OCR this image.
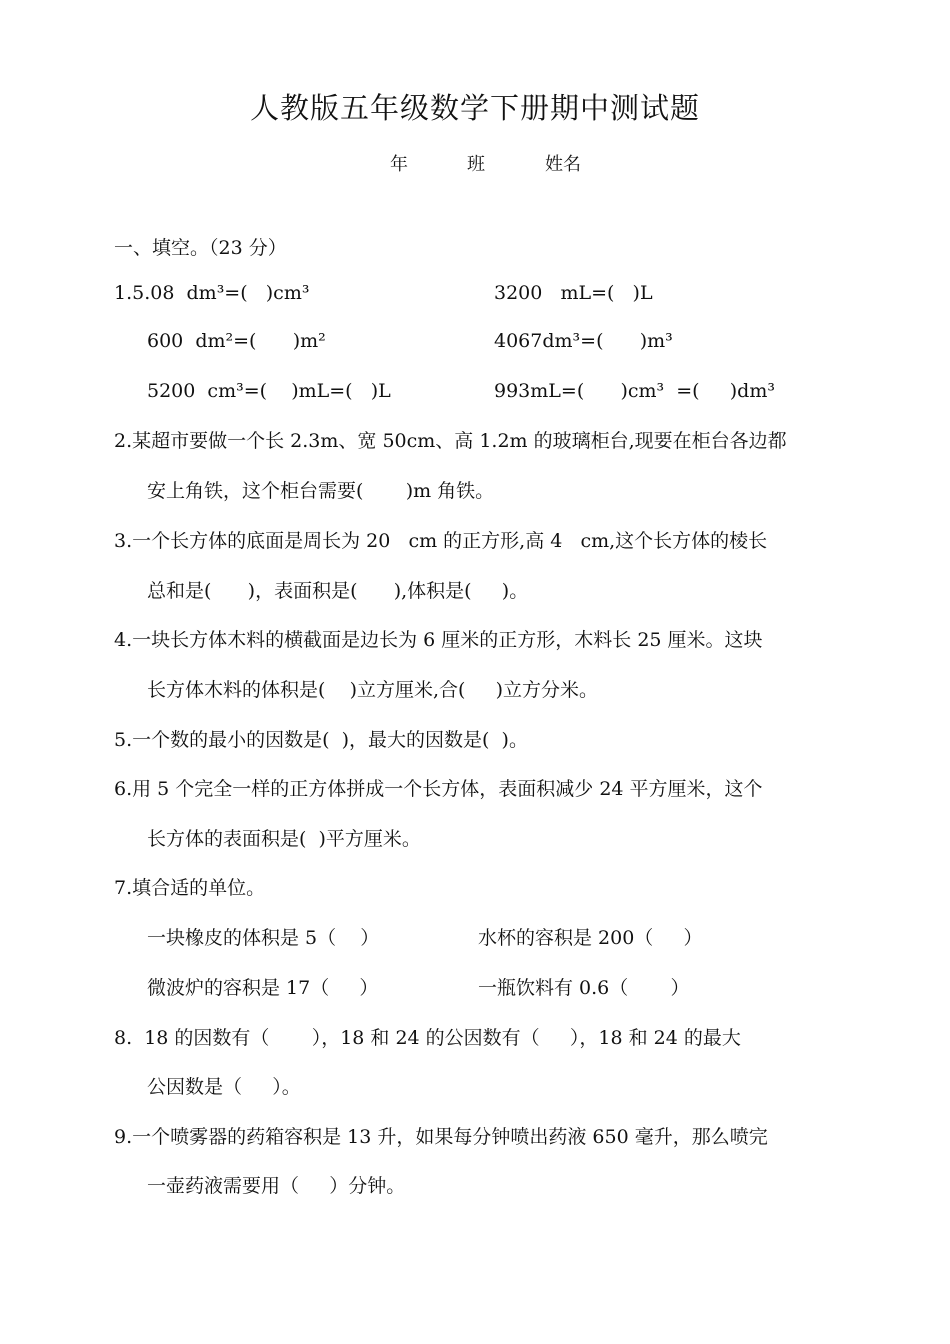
人教版五年级数学下册期中测试题
年	班	姓名
一、填空。（23 分）
1.5.08  dm³=(   )cm³	3200   mL=(   )L
600  dm²=(      )m²	4067dm³=(      )m³
5200  cm³=(    )mL=(   )L	993mL=(      )cm³  =(     )dm³
2.某超市要做一个长 2.3m、宽 50cm、高 1.2m 的玻璃柜台,现要在柜台各边都
安上角铁，这个柜台需要(       )m 角铁。
3.一个长方体的底面是周长为 20   cm 的正方形,高 4   cm,这个长方体的棱长
总和是(      )，表面积是(      ),体积是(     )。
4.一块长方体木料的横截面是边长为 6 厘米的正方形，木料长 25 厘米。这块
长方体木料的体积是(    )立方厘米,合(     )立方分米。
5.一个数的最小的因数是(  )，最大的因数是(  )。
6.用 5 个完全一样的正方体拼成一个长方体，表面积减少 24 平方厘米，这个
长方体的表面积是(  )平方厘米。
7.填合适的单位。
一块橡皮的体积是 5（    ）	水杯的容积是 200（     ）
微波炉的容积是 17（     ）	一瓶饮料有 0.6（       ）
8.  18 的因数有（       ），18 和 24 的公因数有（     ），18 和 24 的最大
公因数是（     ）。
9.一个喷雾器的药箱容积是 13 升，如果每分钟喷出药液 650 毫升，那么喷完
一壶药液需要用（     ）分钟。
